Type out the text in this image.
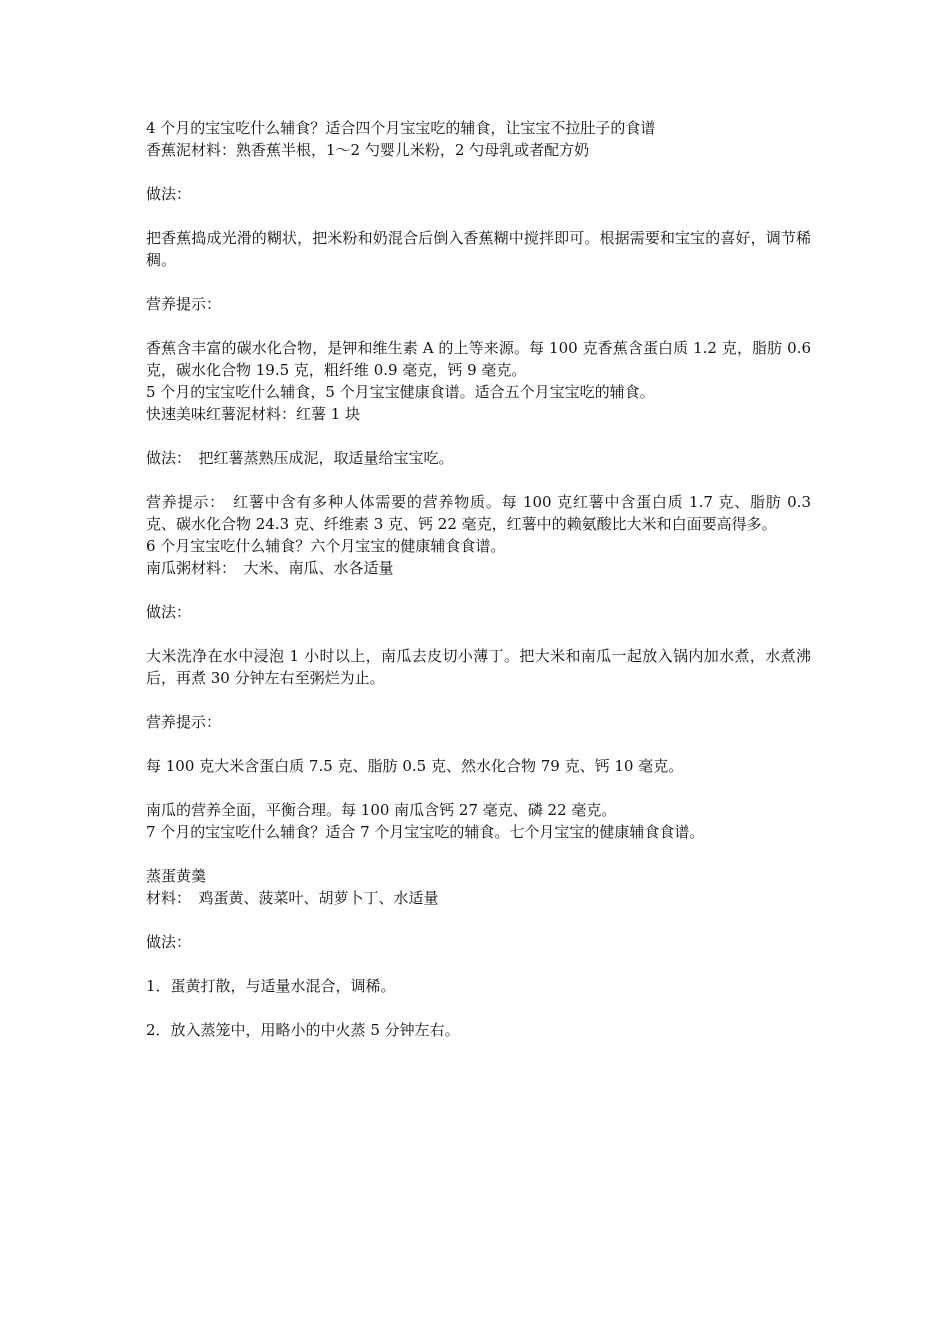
4 个月的宝宝吃什么辅食？适合四个月宝宝吃的辅食，让宝宝不拉肚子的食谱

香蕉泥材料：熟香蕉半根，1～2 勺婴儿米粉，2 勺母乳或者配方奶

做法：

把香蕉捣成光滑的糊状，把米粉和奶混合后倒入香蕉糊中搅拌即可。根据需要和宝宝的喜好，调节稀稠。

营养提示：

香蕉含丰富的碳水化合物，是钾和维生素 A 的上等来源。每 100 克香蕉含蛋白质 1.2 克，脂肪 0.6 克，碳水化合物 19.5 克，粗纤维 0.9 毫克，钙 9 毫克。

5 个月的宝宝吃什么辅食，5 个月宝宝健康食谱。适合五个月宝宝吃的辅食。

快速美味红薯泥材料：红薯 1 块

做法：　把红薯蒸熟压成泥，取适量给宝宝吃。

营养提示：　红薯中含有多种人体需要的营养物质。每 100 克红薯中含蛋白质 1.7 克、脂肪 0.3 克、碳水化合物 24.3 克、纤维素 3 克、钙 22 毫克，红薯中的赖氨酸比大米和白面要高得多。

6 个月宝宝吃什么辅食？六个月宝宝的健康辅食食谱。

南瓜粥材料：　大米、南瓜、水各适量

做法：

大米洗净在水中浸泡 1 小时以上，南瓜去皮切小薄丁。把大米和南瓜一起放入锅内加水煮，水煮沸后，再煮 30 分钟左右至粥烂为止。

营养提示：

每 100 克大米含蛋白质 7.5 克、脂肪 0.5 克、然水化合物 79 克、钙 10 毫克。

南瓜的营养全面，平衡合理。每 100 南瓜含钙 27 毫克、磷 22 毫克。

7 个月的宝宝吃什么辅食？适合 7 个月宝宝吃的辅食。七个月宝宝的健康辅食食谱。

蒸蛋黄羹

材料：　鸡蛋黄、菠菜叶、胡萝卜丁、水适量

做法：

1．蛋黄打散，与适量水混合，调稀。

2．放入蒸笼中，用略小的中火蒸 5 分钟左右。
